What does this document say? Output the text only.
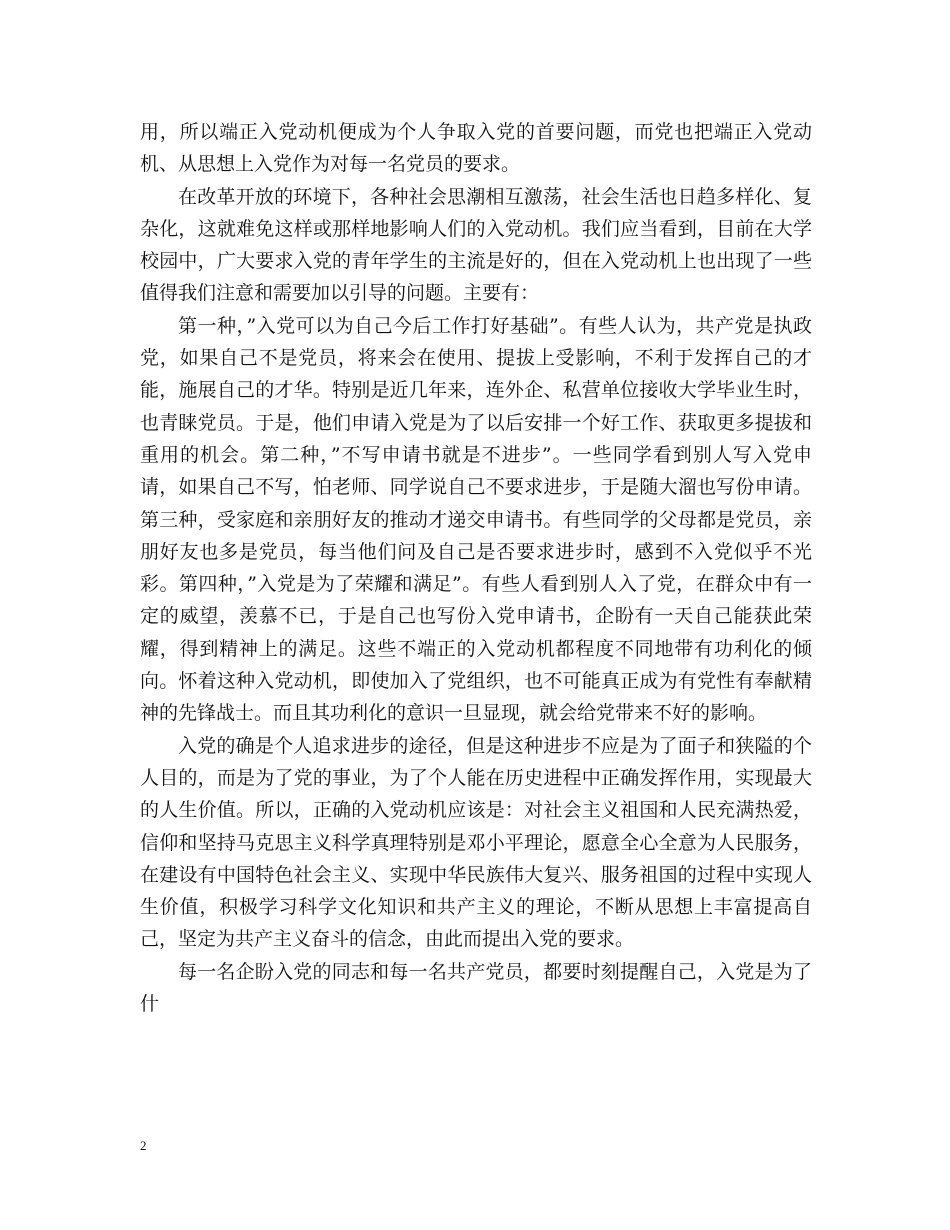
用，所以端正入党动机便成为个人争取入党的首要问题，而党也把端正入党动机、从思想上入党作为对每一名党员的要求。

在改革开放的环境下，各种社会思潮相互激荡，社会生活也日趋多样化、复杂化，这就难免这样或那样地影响人们的入党动机。我们应当看到，目前在大学校园中，广大要求入党的青年学生的主流是好的，但在入党动机上也出现了一些值得我们注意和需要加以引导的问题。主要有：

第一种，”入党可以为自己今后工作打好基础”。有些人认为，共产党是执政党，如果自己不是党员，将来会在使用、提拔上受影响，不利于发挥自己的才能，施展自己的才华。特别是近几年来，连外企、私营单位接收大学毕业生时，也青睐党员。于是，他们申请入党是为了以后安排一个好工作、获取更多提拔和重用的机会。第二种，”不写申请书就是不进步”。一些同学看到别人写入党申请，如果自己不写，怕老师、同学说自己不要求进步，于是随大溜也写份申请。第三种，受家庭和亲朋好友的推动才递交申请书。有些同学的父母都是党员，亲朋好友也多是党员，每当他们问及自己是否要求进步时，感到不入党似乎不光彩。第四种，”入党是为了荣耀和满足”。有些人看到别人入了党，在群众中有一定的威望，羡慕不已，于是自己也写份入党申请书，企盼有一天自己能获此荣耀，得到精神上的满足。这些不端正的入党动机都程度不同地带有功利化的倾向。怀着这种入党动机，即使加入了党组织，也不可能真正成为有党性有奉献精神的先锋战士。而且其功利化的意识一旦显现，就会给党带来不好的影响。

入党的确是个人追求进步的途径，但是这种进步不应是为了面子和狭隘的个人目的，而是为了党的事业，为了个人能在历史进程中正确发挥作用，实现最大的人生价值。所以，正确的入党动机应该是：对社会主义祖国和人民充满热爱，信仰和坚持马克思主义科学真理特别是邓小平理论，愿意全心全意为人民服务，在建设有中国特色社会主义、实现中华民族伟大复兴、服务祖国的过程中实现人生价值，积极学习科学文化知识和共产主义的理论，不断从思想上丰富提高自己，坚定为共产主义奋斗的信念，由此而提出入党的要求。

每一名企盼入党的同志和每一名共产党员，都要时刻提醒自己，入党是为了什

2
